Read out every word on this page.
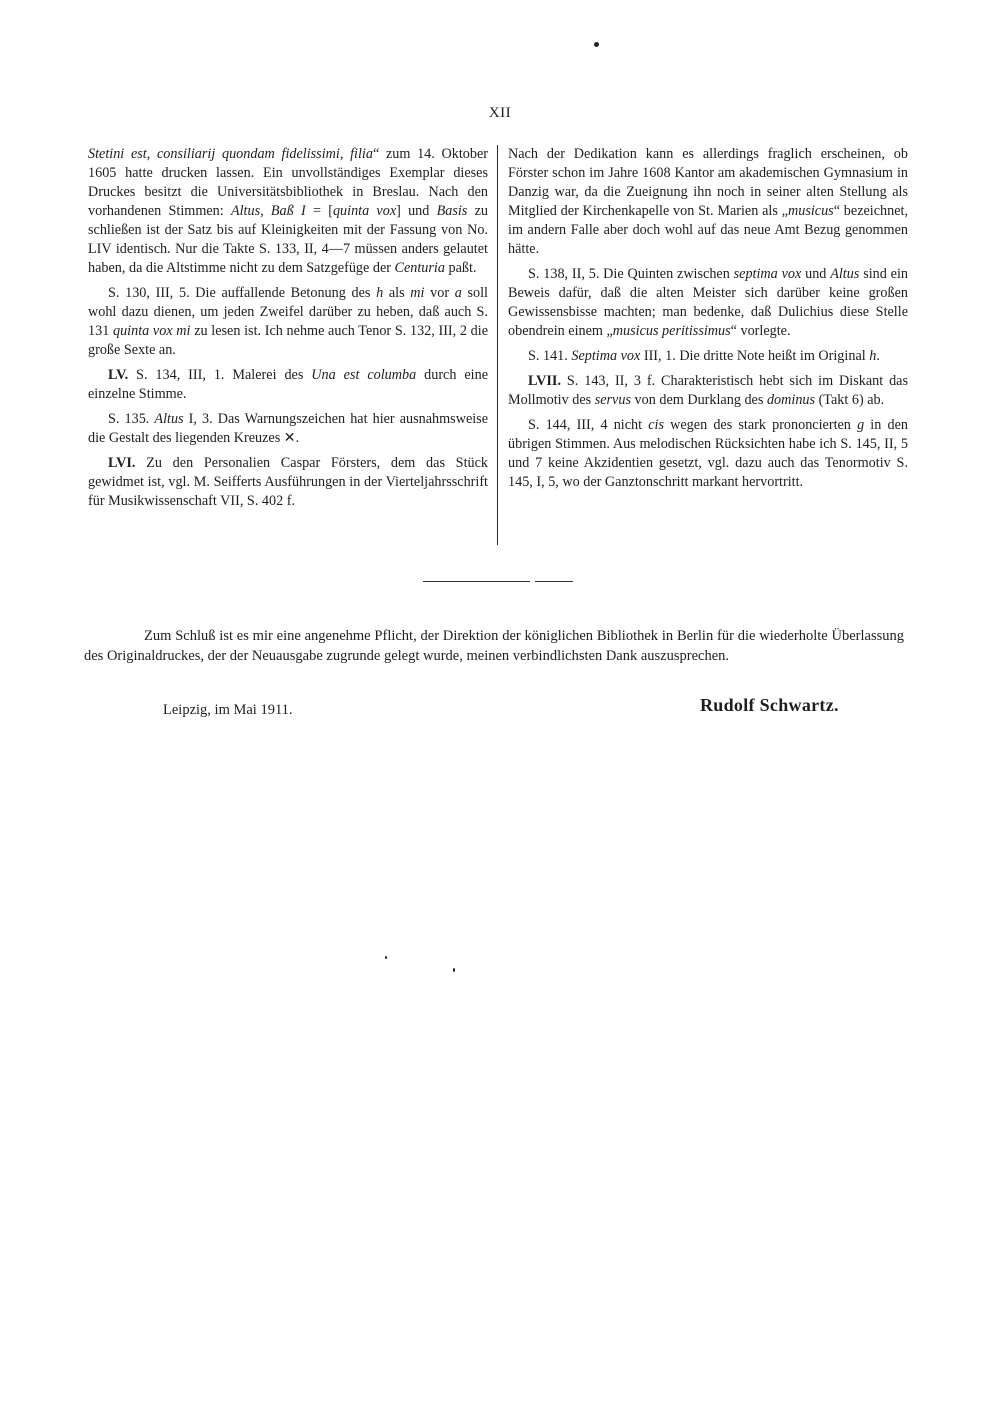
XII

Stetini est, consiliarij quondam fidelissimi, filia“ zum 14. Oktober 1605 hatte drucken lassen. Ein unvollständiges Exemplar dieses Druckes besitzt die Universitätsbibliothek in Breslau. Nach den vorhandenen Stimmen: Altus, Baß I = [quinta vox] und Basis zu schließen ist der Satz bis auf Kleinigkeiten mit der Fassung von No. LIV identisch. Nur die Takte S. 133, II, 4—7 müssen anders gelautet haben, da die Altstimme nicht zu dem Satzgefüge der Centuria paßt.

S. 130, III, 5. Die auffallende Betonung des h als mi vor a soll wohl dazu dienen, um jeden Zweifel darüber zu heben, daß auch S. 131 quinta vox mi zu lesen ist. Ich nehme auch Tenor S. 132, III, 2 die große Sexte an.

LV. S. 134, III, 1. Malerei des Una est columba durch eine einzelne Stimme.

S. 135. Altus I, 3. Das Warnungszeichen hat hier ausnahmsweise die Gestalt des liegenden Kreuzes ✕.

LVI. Zu den Personalien Caspar Försters, dem das Stück gewidmet ist, vgl. M. Seifferts Ausführungen in der Vierteljahrsschrift für Musikwissenschaft VII, S. 402 f.

Nach der Dedikation kann es allerdings fraglich erscheinen, ob Förster schon im Jahre 1608 Kantor am akademischen Gymnasium in Danzig war, da die Zueignung ihn noch in seiner alten Stellung als Mitglied der Kirchenkapelle von St. Marien als „musicus“ bezeichnet, im andern Falle aber doch wohl auf das neue Amt Bezug genommen hätte.

S. 138, II, 5. Die Quinten zwischen septima vox und Altus sind ein Beweis dafür, daß die alten Meister sich darüber keine großen Gewissensbisse machten; man bedenke, daß Dulichius diese Stelle obendrein einem „musicus peritissimus“ vorlegte.

S. 141. Septima vox III, 1. Die dritte Note heißt im Original h.

LVII. S. 143, II, 3 f. Charakteristisch hebt sich im Diskant das Mollmotiv des servus von dem Durklang des dominus (Takt 6) ab.

S. 144, III, 4 nicht cis wegen des stark prononcierten g in den übrigen Stimmen. Aus melodischen Rücksichten habe ich S. 145, II, 5 und 7 keine Akzidentien gesetzt, vgl. dazu auch das Tenormotiv S. 145, I, 5, wo der Ganztonschritt markant hervortritt.

Zum Schluß ist es mir eine angenehme Pflicht, der Direktion der königlichen Bibliothek in Berlin für die wiederholte Überlassung des Originaldruckes, der der Neuausgabe zugrunde gelegt wurde, meinen verbindlichsten Dank auszusprechen.

Leipzig, im Mai 1911.	Rudolf Schwartz.
